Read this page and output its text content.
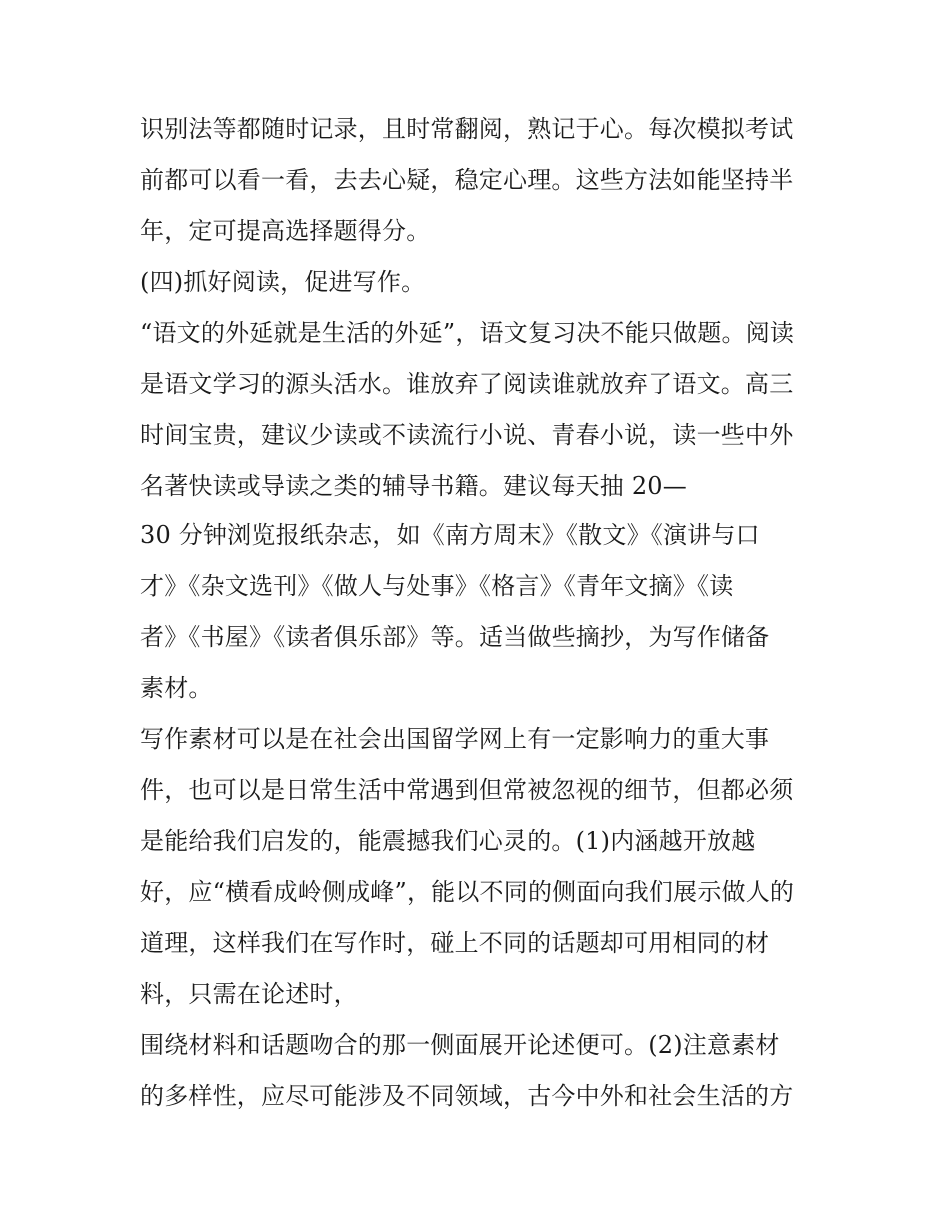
识别法等都随时记录，且时常翻阅，熟记于心。每次模拟考试
前都可以看一看，去去心疑，稳定心理。这些方法如能坚持半
年，定可提高选择题得分。
(四)抓好阅读，促进写作。
“语文的外延就是生活的外延”，语文复习决不能只做题。阅读
是语文学习的源头活水。谁放弃了阅读谁就放弃了语文。高三
时间宝贵，建议少读或不读流行小说、青春小说，读一些中外
名著快读或导读之类的辅导书籍。建议每天抽 20—
30 分钟浏览报纸杂志，如《南方周末》《散文》《演讲与口
才》《杂文选刊》《做人与处事》《格言》《青年文摘》《读
者》《书屋》《读者俱乐部》等。适当做些摘抄，为写作储备
素材。
写作素材可以是在社会出国留学网上有一定影响力的重大事
件，也可以是日常生活中常遇到但常被忽视的细节，但都必须
是能给我们启发的，能震撼我们心灵的。(1)内涵越开放越
好，应“横看成岭侧成峰”，能以不同的侧面向我们展示做人的
道理，这样我们在写作时，碰上不同的话题却可用相同的材
料，只需在论述时，
围绕材料和话题吻合的那一侧面展开论述便可。(2)注意素材
的多样性，应尽可能涉及不同领域，古今中外和社会生活的方
